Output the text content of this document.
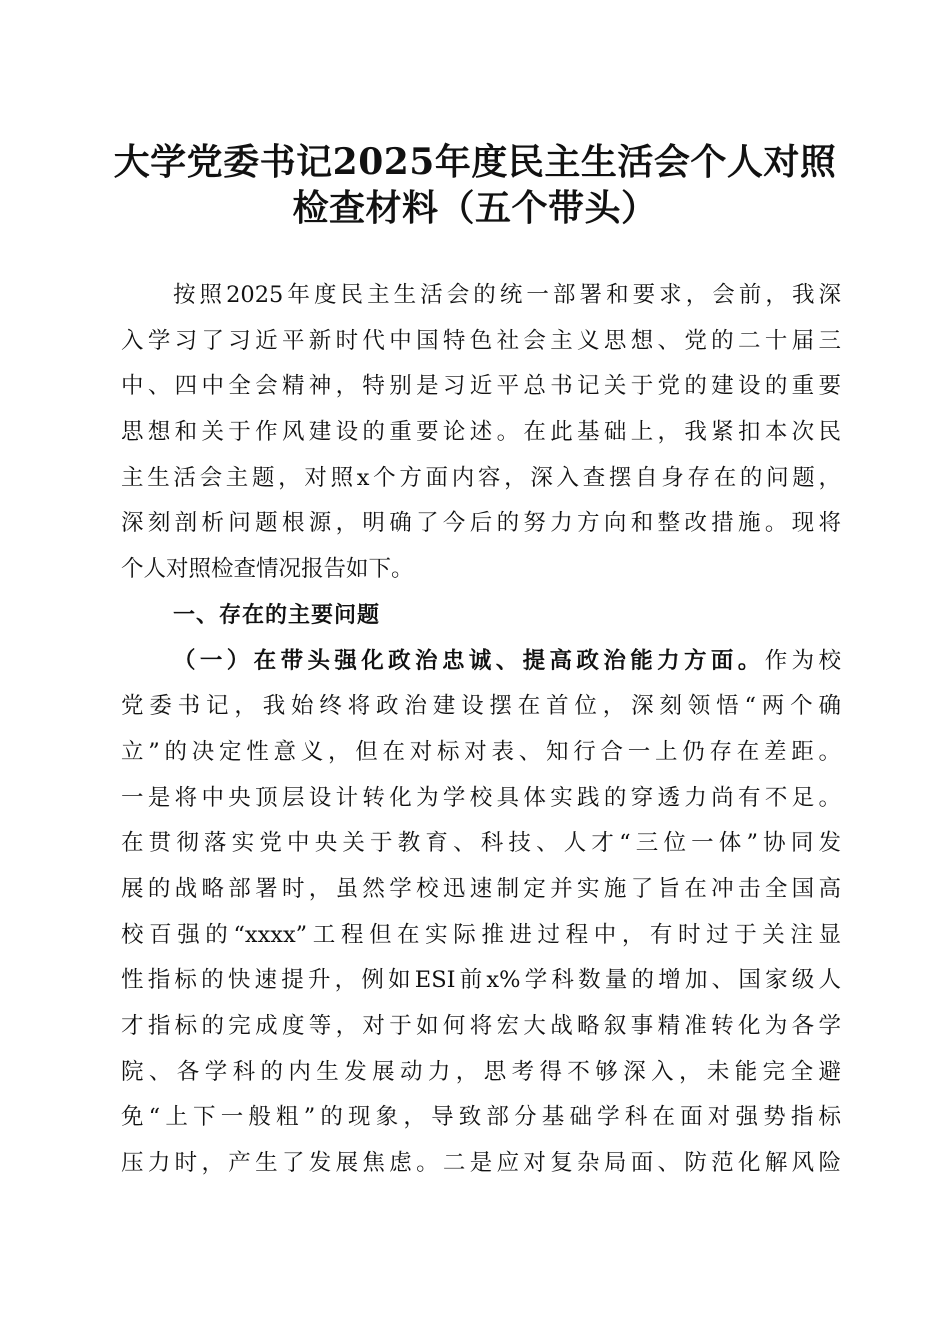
大学党委书记2025年度民主生活会个人对照
检查材料（五个带头）
按照2025年度民主生活会的统一部署和要求，会前，我深
入学习了习近平新时代中国特色社会主义思想、党的二十届三
中、四中全会精神，特别是习近平总书记关于党的建设的重要
思想和关于作风建设的重要论述。在此基础上，我紧扣本次民
主生活会主题，对照x个方面内容，深入查摆自身存在的问题，
深刻剖析问题根源，明确了今后的努力方向和整改措施。现将
个人对照检查情况报告如下。
一、存在的主要问题
（一）在带头强化政治忠诚、提高政治能力方面。作为校
党委书记，我始终将政治建设摆在首位，深刻领悟“两个确
立”的决定性意义，但在对标对表、知行合一上仍存在差距。
一是将中央顶层设计转化为学校具体实践的穿透力尚有不足。
在贯彻落实党中央关于教育、科技、人才“三位一体”协同发
展的战略部署时，虽然学校迅速制定并实施了旨在冲击全国高
校百强的“xxxx”工程但在实际推进过程中，有时过于关注显
性指标的快速提升，例如ESI前x%学科数量的增加、国家级人
才指标的完成度等，对于如何将宏大战略叙事精准转化为各学
院、各学科的内生发展动力，思考得不够深入，未能完全避
免“上下一般粗”的现象，导致部分基础学科在面对强势指标
压力时，产生了发展焦虑。二是应对复杂局面、防范化解风险
